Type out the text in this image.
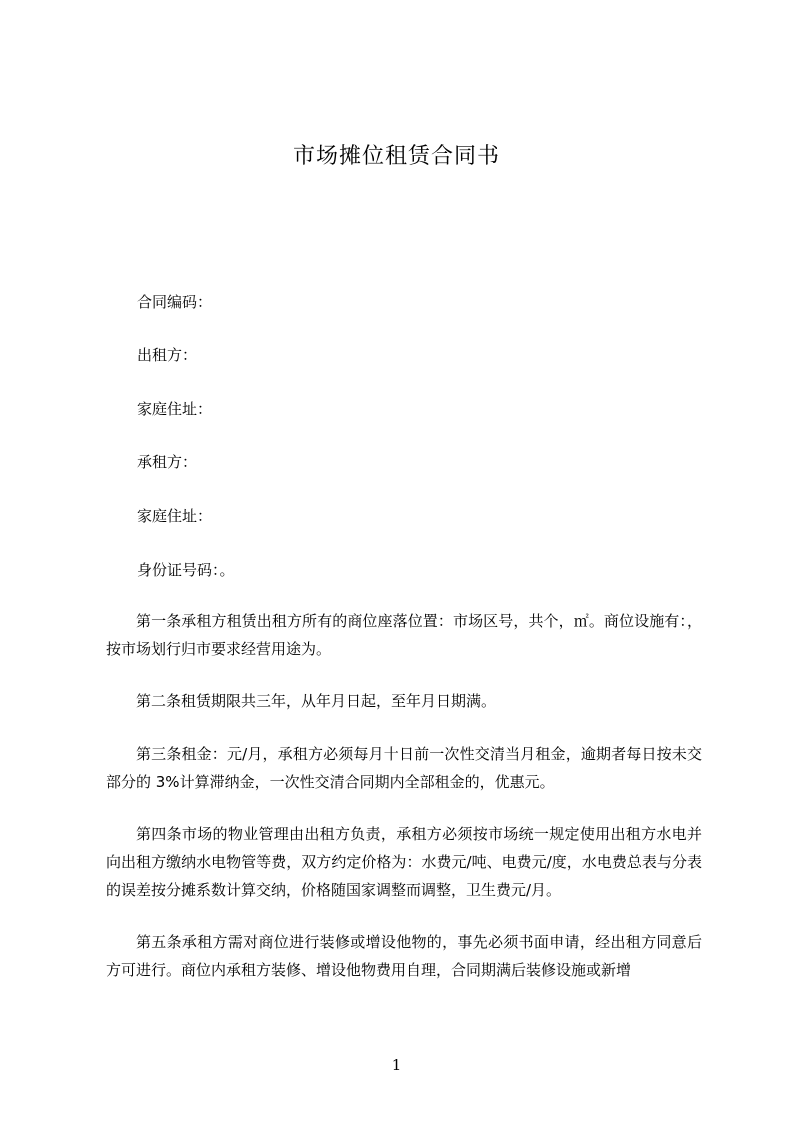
市场摊位租赁合同书
合同编码：
出租方：
家庭住址：
承租方：
家庭住址：
身份证号码：。
第一条承租方租赁出租方所有的商位座落位置：市场区号，共个，㎡。商位设施有：，按市场划行归市要求经营用途为。
第二条租赁期限共三年，从年月日起，至年月日期满。
第三条租金：元/月，承租方必须每月十日前一次性交清当月租金，逾期者每日按未交部分的 3%计算滞纳金，一次性交清合同期内全部租金的，优惠元。
第四条市场的物业管理由出租方负责，承租方必须按市场统一规定使用出租方水电并向出租方缴纳水电物管等费，双方约定价格为：水费元/吨、电费元/度，水电费总表与分表的误差按分摊系数计算交纳，价格随国家调整而调整，卫生费元/月。
第五条承租方需对商位进行装修或增设他物的，事先必须书面申请，经出租方同意后方可进行。商位内承租方装修、增设他物费用自理，合同期满后装修设施或新增
1
